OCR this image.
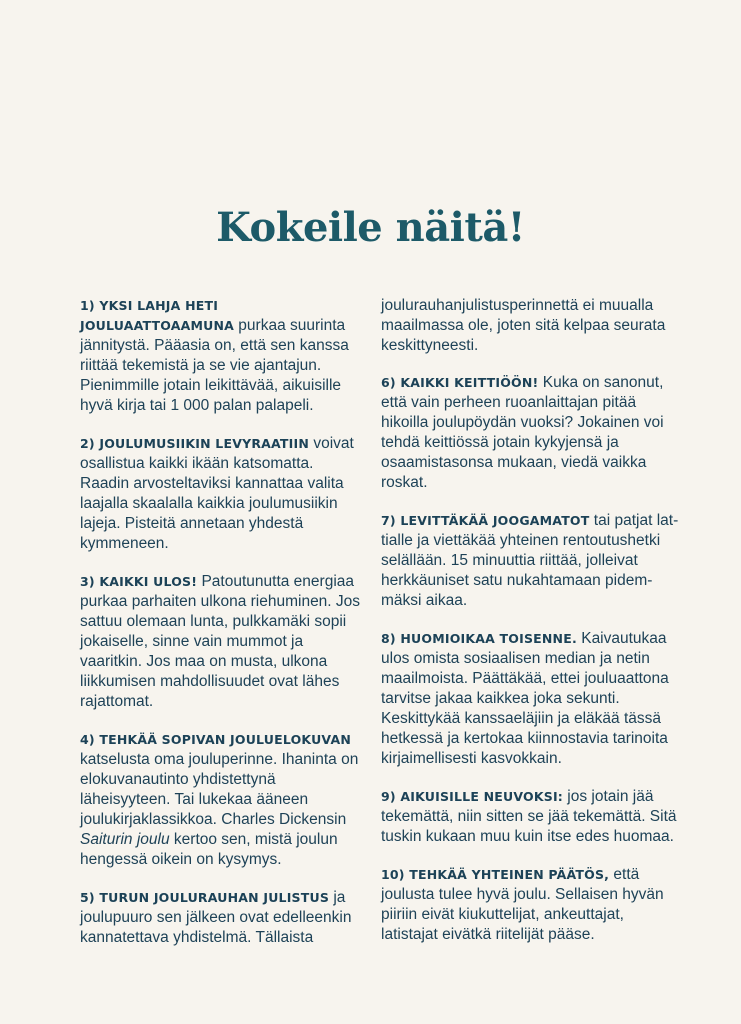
Kokeile näitä!

1) YKSI LAHJA HETI JOULUAATTOAAMUNA purkaa suurinta jännitystä. Pääasia on, että sen kanssa riittää tekemistä ja se vie ajantajun. Pienimmille jotain leikittävää, aikuisille hyvä kirja tai 1 000 palan palapeli.

2) JOULUMUSIIKIN LEVYRAATIIN voivat osallistua kaikki ikään katsomatta. Raadin arvosteltaviksi kannattaa valita laajalla skaalalla kaikkia joulumusiikin lajeja. Pisteitä annetaan yhdestä kymmeneen.

3) KAIKKI ULOS! Patoutunutta energiaa purkaa parhaiten ulkona riehuminen. Jos sattuu olemaan lunta, pulkkamäki sopii jokaiselle, sinne vain mummot ja vaaritkin. Jos maa on musta, ulkona liikkumisen mahdollisuudet ovat lähes rajattomat.

4) TEHKÄÄ SOPIVAN JOULUELOKUVAN katselusta oma jouluperinne. Ihaninta on elokuvanautinto yhdistettynä läheisyyteen. Tai lukekaa ääneen joulukirjaklassikkoa. Charles Dickensin Saiturin joulu kertoo sen, mistä joulun hengessä oikein on kysymys.

5) TURUN JOULURAUHAN JULISTUS ja joulupuuro sen jälkeen ovat edelleenkin kannatettava yhdistelmä. Tällaista

joulurauhanjulistusperinnettä ei muualla maailmassa ole, joten sitä kelpaa seurata keskittyneesti.

6) KAIKKI KEITTIÖÖN! Kuka on sanonut, että vain perheen ruoanlaittajan pitää hikoilla joulupöydän vuoksi? Jokainen voi tehdä keittiössä jotain kykyjensä ja osaamistasonsa mukaan, viedä vaikka roskat.

7) LEVITTÄKÄÄ JOOGAMATOT tai patjat lattialle ja viettäkää yhteinen rentoutushetki selällään. 15 minuuttia riittää, jolleivat herkkäuniset satu nukahtamaan pidemmäksi aikaa.

8) HUOMIOIKAA TOISENNE. Kaivautukaa ulos omista sosiaalisen median ja netin maailmoista. Päättäkää, ettei jouluaattona tarvitse jakaa kaikkea joka sekunti. Keskittykää kanssaeläjiin ja eläkää tässä hetkessä ja kertokaa kiinnostavia tarinoita kirjaimellisesti kasvokkain.

9) AIKUISILLE NEUVOKSI: jos jotain jää tekemättä, niin sitten se jää tekemättä. Sitä tuskin kukaan muu kuin itse edes huomaa.

10) TEHKÄÄ YHTEINEN PÄÄTÖS, että joulusta tulee hyvä joulu. Sellaisen hyvän piiriin eivät kiukuttelijat, ankeuttajat, latistajat eivätkä riitelijät pääse.
